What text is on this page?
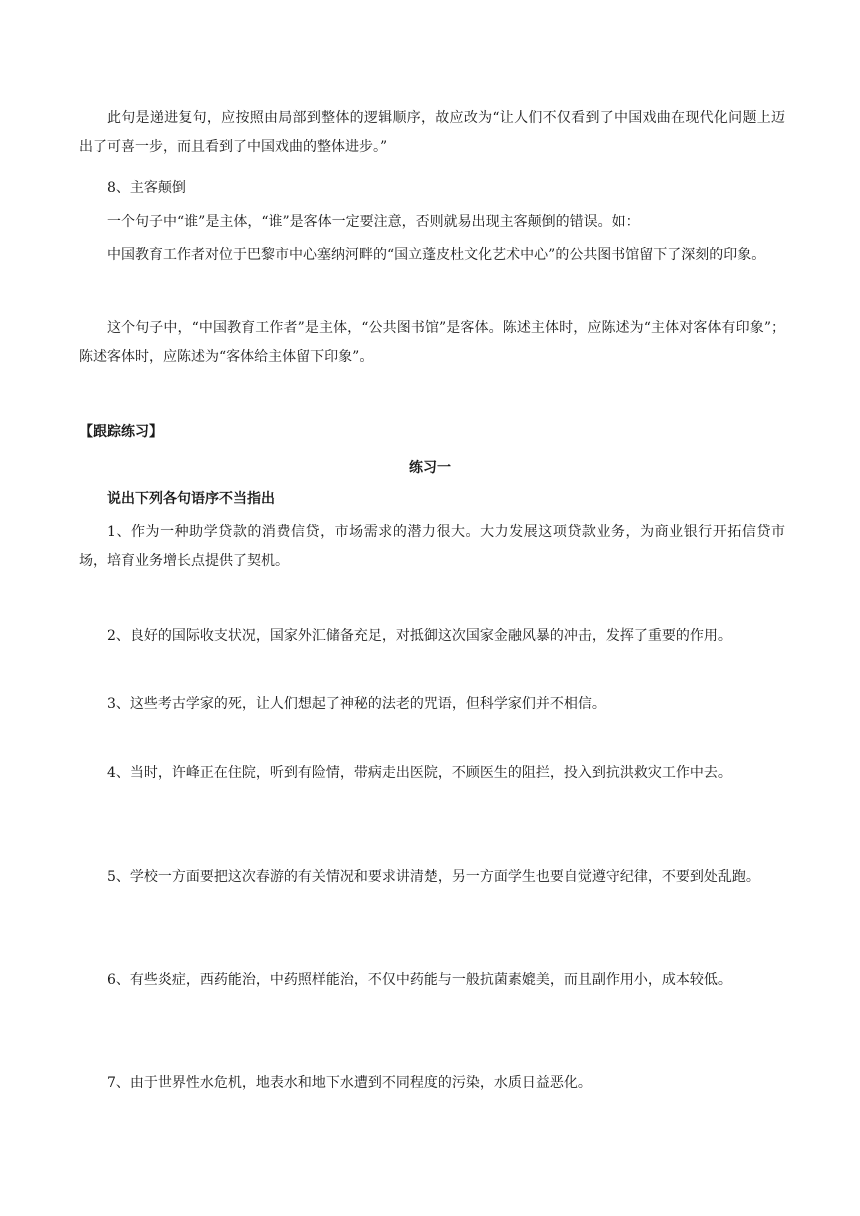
此句是递进复句，应按照由局部到整体的逻辑顺序，故应改为“让人们不仅看到了中国戏曲在现代化问题上迈出了可喜一步，而且看到了中国戏曲的整体进步。”

8、主客颠倒

一个句子中“谁”是主体，“谁”是客体一定要注意，否则就易出现主客颠倒的错误。如：

中国教育工作者对位于巴黎市中心塞纳河畔的“国立蓬皮杜文化艺术中心”的公共图书馆留下了深刻的印象。

这个句子中，“中国教育工作者”是主体，“公共图书馆”是客体。陈述主体时，应陈述为“主体对客体有印象”；陈述客体时，应陈述为“客体给主体留下印象”。

【跟踪练习】

练习一

说出下列各句语序不当指出

1、作为一种助学贷款的消费信贷，市场需求的潜力很大。大力发展这项贷款业务，为商业银行开拓信贷市场，培育业务增长点提供了契机。

2、良好的国际收支状况，国家外汇储备充足，对抵御这次国家金融风暴的冲击，发挥了重要的作用。

3、这些考古学家的死，让人们想起了神秘的法老的咒语，但科学家们并不相信。

4、当时，许峰正在住院，听到有险情，带病走出医院，不顾医生的阻拦，投入到抗洪救灾工作中去。

5、学校一方面要把这次春游的有关情况和要求讲清楚，另一方面学生也要自觉遵守纪律，不要到处乱跑。

6、有些炎症，西药能治，中药照样能治，不仅中药能与一般抗菌素媲美，而且副作用小，成本较低。

7、由于世界性水危机，地表水和地下水遭到不同程度的污染，水质日益恶化。
